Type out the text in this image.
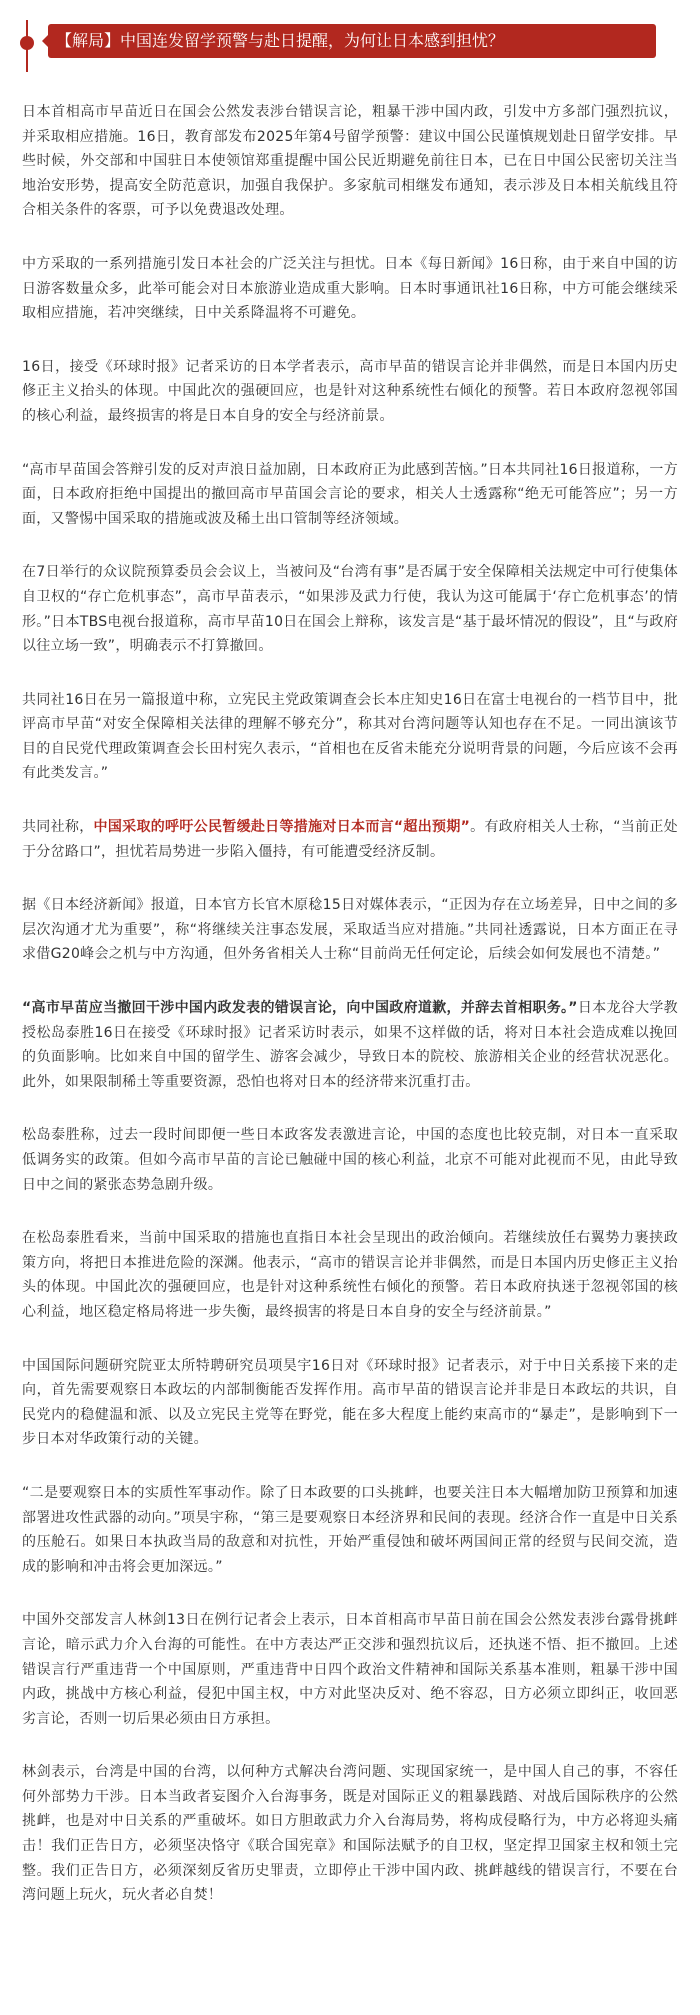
【解局】中国连发留学预警与赴日提醒，为何让日本感到担忧？

日本首相高市早苗近日在国会公然发表涉台错误言论，粗暴干涉中国内政，引发中方多部门强烈抗议，并采取相应措施。16日，教育部发布2025年第4号留学预警：建议中国公民谨慎规划赴日留学安排。早些时候，外交部和中国驻日本使领馆郑重提醒中国公民近期避免前往日本，已在日中国公民密切关注当地治安形势，提高安全防范意识，加强自我保护。多家航司相继发布通知，表示涉及日本相关航线且符合相关条件的客票，可予以免费退改处理。

中方采取的一系列措施引发日本社会的广泛关注与担忧。日本《每日新闻》16日称，由于来自中国的访日游客数量众多，此举可能会对日本旅游业造成重大影响。日本时事通讯社16日称，中方可能会继续采取相应措施，若冲突继续，日中关系降温将不可避免。

16日，接受《环球时报》记者采访的日本学者表示，高市早苗的错误言论并非偶然，而是日本国内历史修正主义抬头的体现。中国此次的强硬回应，也是针对这种系统性右倾化的预警。若日本政府忽视邻国的核心利益，最终损害的将是日本自身的安全与经济前景。

“高市早苗国会答辩引发的反对声浪日益加剧，日本政府正为此感到苦恼。”日本共同社16日报道称，一方面，日本政府拒绝中国提出的撤回高市早苗国会言论的要求，相关人士透露称“绝无可能答应”；另一方面，又警惕中国采取的措施或波及稀土出口管制等经济领域。

在7日举行的众议院预算委员会会议上，当被问及“台湾有事”是否属于安全保障相关法规定中可行使集体自卫权的“存亡危机事态”，高市早苗表示，“如果涉及武力行使，我认为这可能属于‘存亡危机事态’的情形。”日本TBS电视台报道称，高市早苗10日在国会上辩称，该发言是“基于最坏情况的假设”，且“与政府以往立场一致”，明确表示不打算撤回。

共同社16日在另一篇报道中称，立宪民主党政策调查会长本庄知史16日在富士电视台的一档节目中，批评高市早苗“对安全保障相关法律的理解不够充分”，称其对台湾问题等认知也存在不足。一同出演该节目的自民党代理政策调查会长田村宪久表示，“首相也在反省未能充分说明背景的问题，今后应该不会再有此类发言。”

共同社称，中国采取的呼吁公民暂缓赴日等措施对日本而言“超出预期”。有政府相关人士称，“当前正处于分岔路口”，担忧若局势进一步陷入僵持，有可能遭受经济反制。

据《日本经济新闻》报道，日本官方长官木原稔15日对媒体表示，“正因为存在立场差异，日中之间的多层次沟通才尤为重要”，称“将继续关注事态发展，采取适当应对措施。”共同社透露说，日本方面正在寻求借G20峰会之机与中方沟通，但外务省相关人士称“目前尚无任何定论，后续会如何发展也不清楚。”

“高市早苗应当撤回干涉中国内政发表的错误言论，向中国政府道歉，并辞去首相职务。”日本龙谷大学教授松岛泰胜16日在接受《环球时报》记者采访时表示，如果不这样做的话，将对日本社会造成难以挽回的负面影响。比如来自中国的留学生、游客会减少，导致日本的院校、旅游相关企业的经营状况恶化。此外，如果限制稀土等重要资源，恐怕也将对日本的经济带来沉重打击。

松岛泰胜称，过去一段时间即便一些日本政客发表激进言论，中国的态度也比较克制，对日本一直采取低调务实的政策。但如今高市早苗的言论已触碰中国的核心利益，北京不可能对此视而不见，由此导致日中之间的紧张态势急剧升级。

在松岛泰胜看来，当前中国采取的措施也直指日本社会呈现出的政治倾向。若继续放任右翼势力裹挟政策方向，将把日本推进危险的深渊。他表示，“高市的错误言论并非偶然，而是日本国内历史修正主义抬头的体现。中国此次的强硬回应，也是针对这种系统性右倾化的预警。若日本政府执迷于忽视邻国的核心利益，地区稳定格局将进一步失衡，最终损害的将是日本自身的安全与经济前景。”

中国国际问题研究院亚太所特聘研究员项昊宇16日对《环球时报》记者表示，对于中日关系接下来的走向，首先需要观察日本政坛的内部制衡能否发挥作用。高市早苗的错误言论并非是日本政坛的共识，自民党内的稳健温和派、以及立宪民主党等在野党，能在多大程度上能约束高市的“暴走”，是影响到下一步日本对华政策行动的关键。

“二是要观察日本的实质性军事动作。除了日本政要的口头挑衅，也要关注日本大幅增加防卫预算和加速部署进攻性武器的动向。”项昊宇称，“第三是要观察日本经济界和民间的表现。经济合作一直是中日关系的压舱石。如果日本执政当局的敌意和对抗性，开始严重侵蚀和破坏两国间正常的经贸与民间交流，造成的影响和冲击将会更加深远。”

中国外交部发言人林剑13日在例行记者会上表示，日本首相高市早苗日前在国会公然发表涉台露骨挑衅言论，暗示武力介入台海的可能性。在中方表达严正交涉和强烈抗议后，还执迷不悟、拒不撤回。上述错误言行严重违背一个中国原则，严重违背中日四个政治文件精神和国际关系基本准则，粗暴干涉中国内政，挑战中方核心利益，侵犯中国主权，中方对此坚决反对、绝不容忍，日方必须立即纠正，收回恶劣言论，否则一切后果必须由日方承担。

林剑表示，台湾是中国的台湾，以何种方式解决台湾问题、实现国家统一，是中国人自己的事，不容任何外部势力干涉。日本当政者妄图介入台海事务，既是对国际正义的粗暴践踏、对战后国际秩序的公然挑衅，也是对中日关系的严重破坏。如日方胆敢武力介入台海局势，将构成侵略行为，中方必将迎头痛击！我们正告日方，必须坚决恪守《联合国宪章》和国际法赋予的自卫权，坚定捍卫国家主权和领土完整。我们正告日方，必须深刻反省历史罪责，立即停止干涉中国内政、挑衅越线的错误言行，不要在台湾问题上玩火，玩火者必自焚！
